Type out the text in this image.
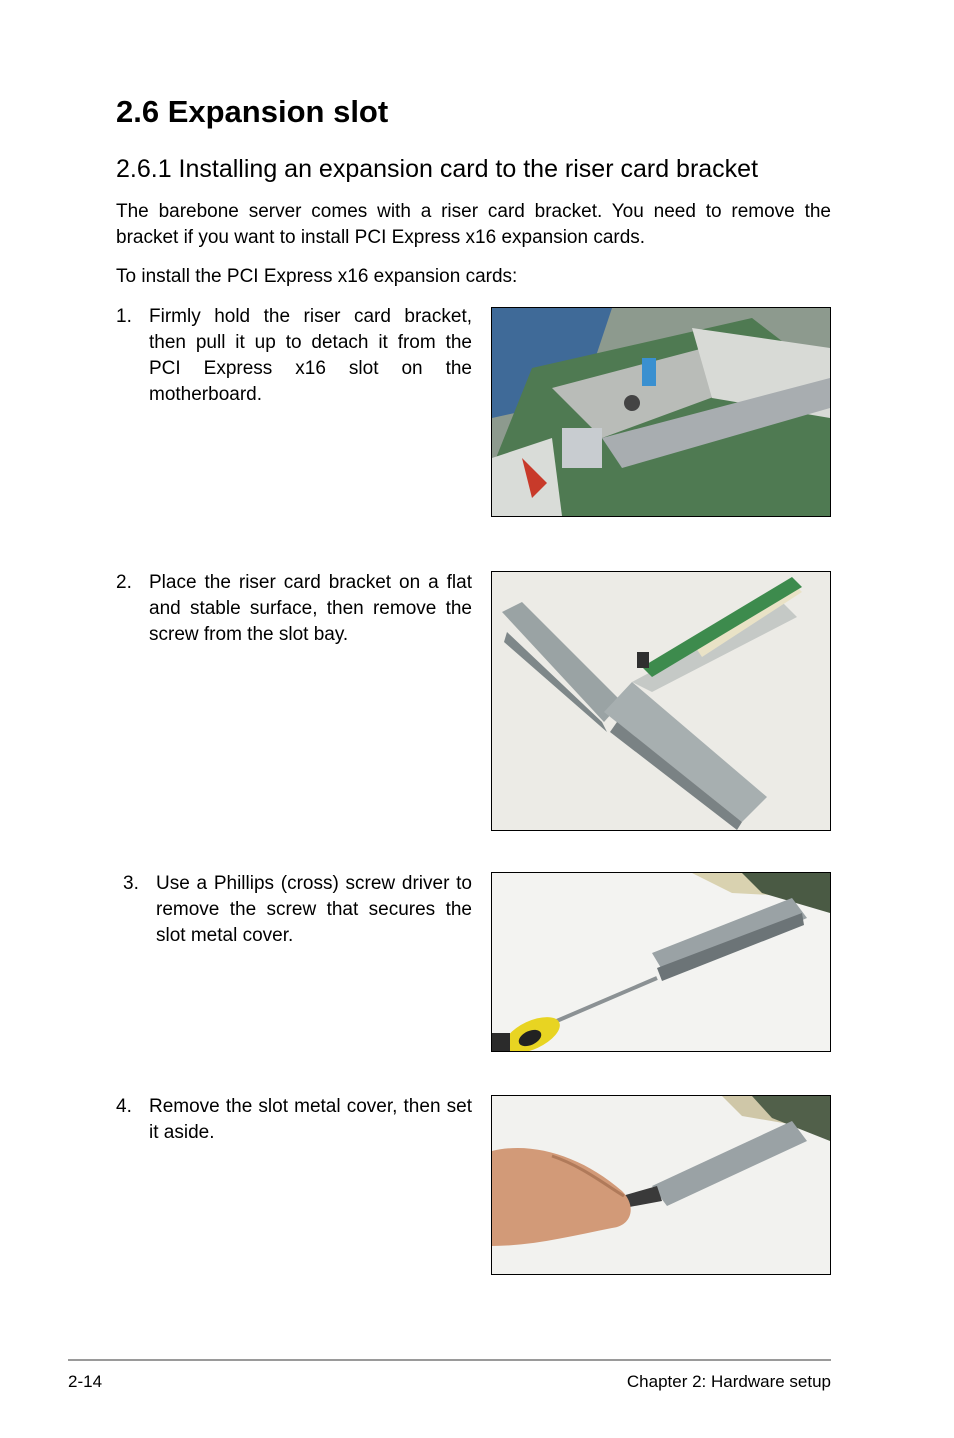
2.6 Expansion slot
2.6.1 Installing an expansion card to the riser card bracket

The barebone server comes with a riser card bracket. You need to remove the bracket if you want to install PCI Express x16 expansion cards.

To install the PCI Express x16 expansion cards:

1. Firmly hold the riser card bracket, then pull it up to detach it from the PCI Express x16 slot on the motherboard.
2. Place the riser card bracket on a flat and stable surface, then remove the screw from the slot bay.
3. Use a Phillips (cross) screw driver to remove the screw that secures the slot metal cover.
4. Remove the slot metal cover, then set it aside.
2-14	Chapter 2: Hardware setup
